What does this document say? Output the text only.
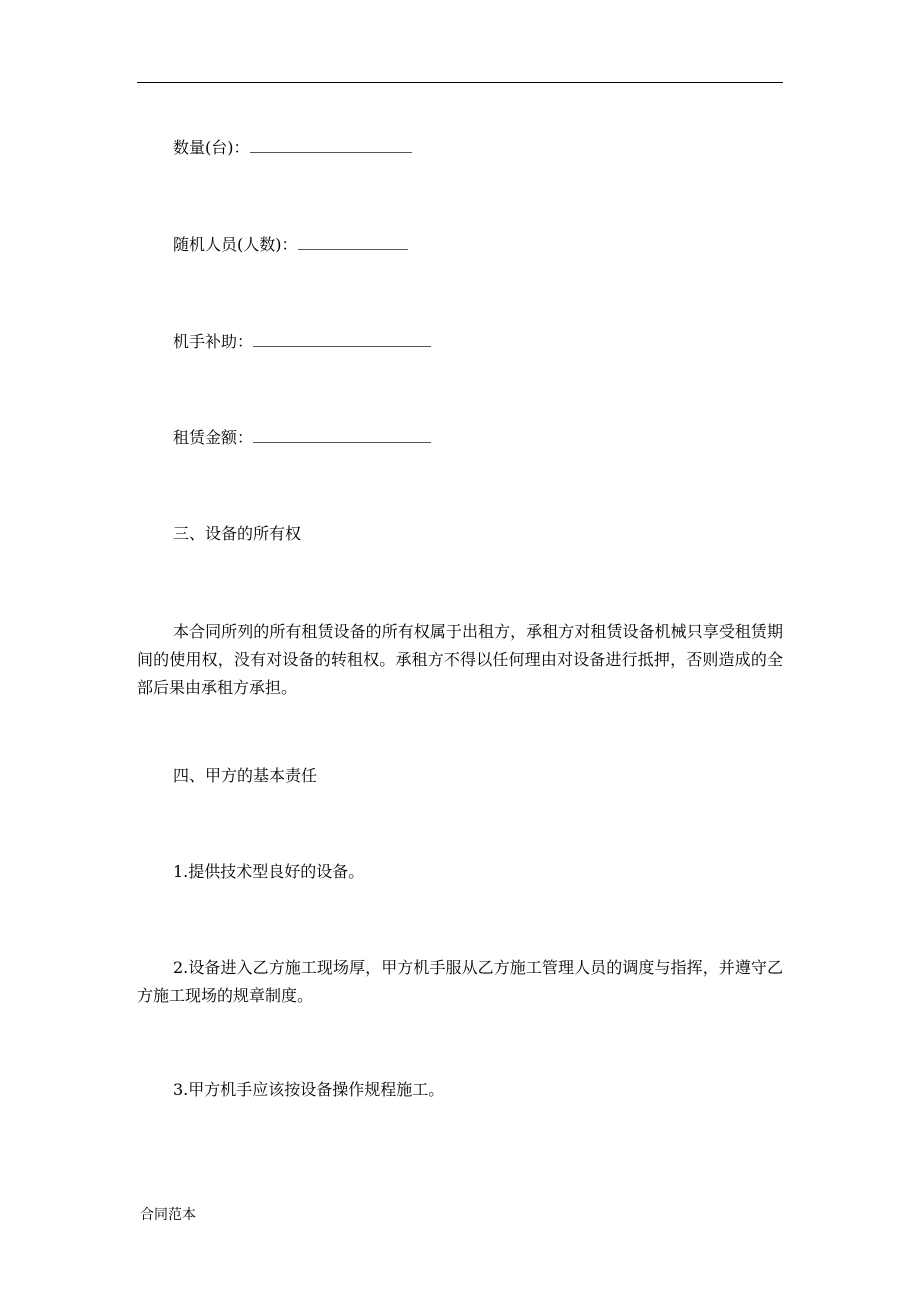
数量(台)：
随机人员(人数)：
机手补助：
租赁金额：
三、设备的所有权
本合同所列的所有租赁设备的所有权属于出租方，承租方对租赁设备机械只享受租赁期间的使用权，没有对设备的转租权。承租方不得以任何理由对设备进行抵押，否则造成的全部后果由承租方承担。
四、甲方的基本责任
1.提供技术型良好的设备。
2.设备进入乙方施工现场厚，甲方机手服从乙方施工管理人员的调度与指挥，并遵守乙方施工现场的规章制度。
3.甲方机手应该按设备操作规程施工。
合同范本
